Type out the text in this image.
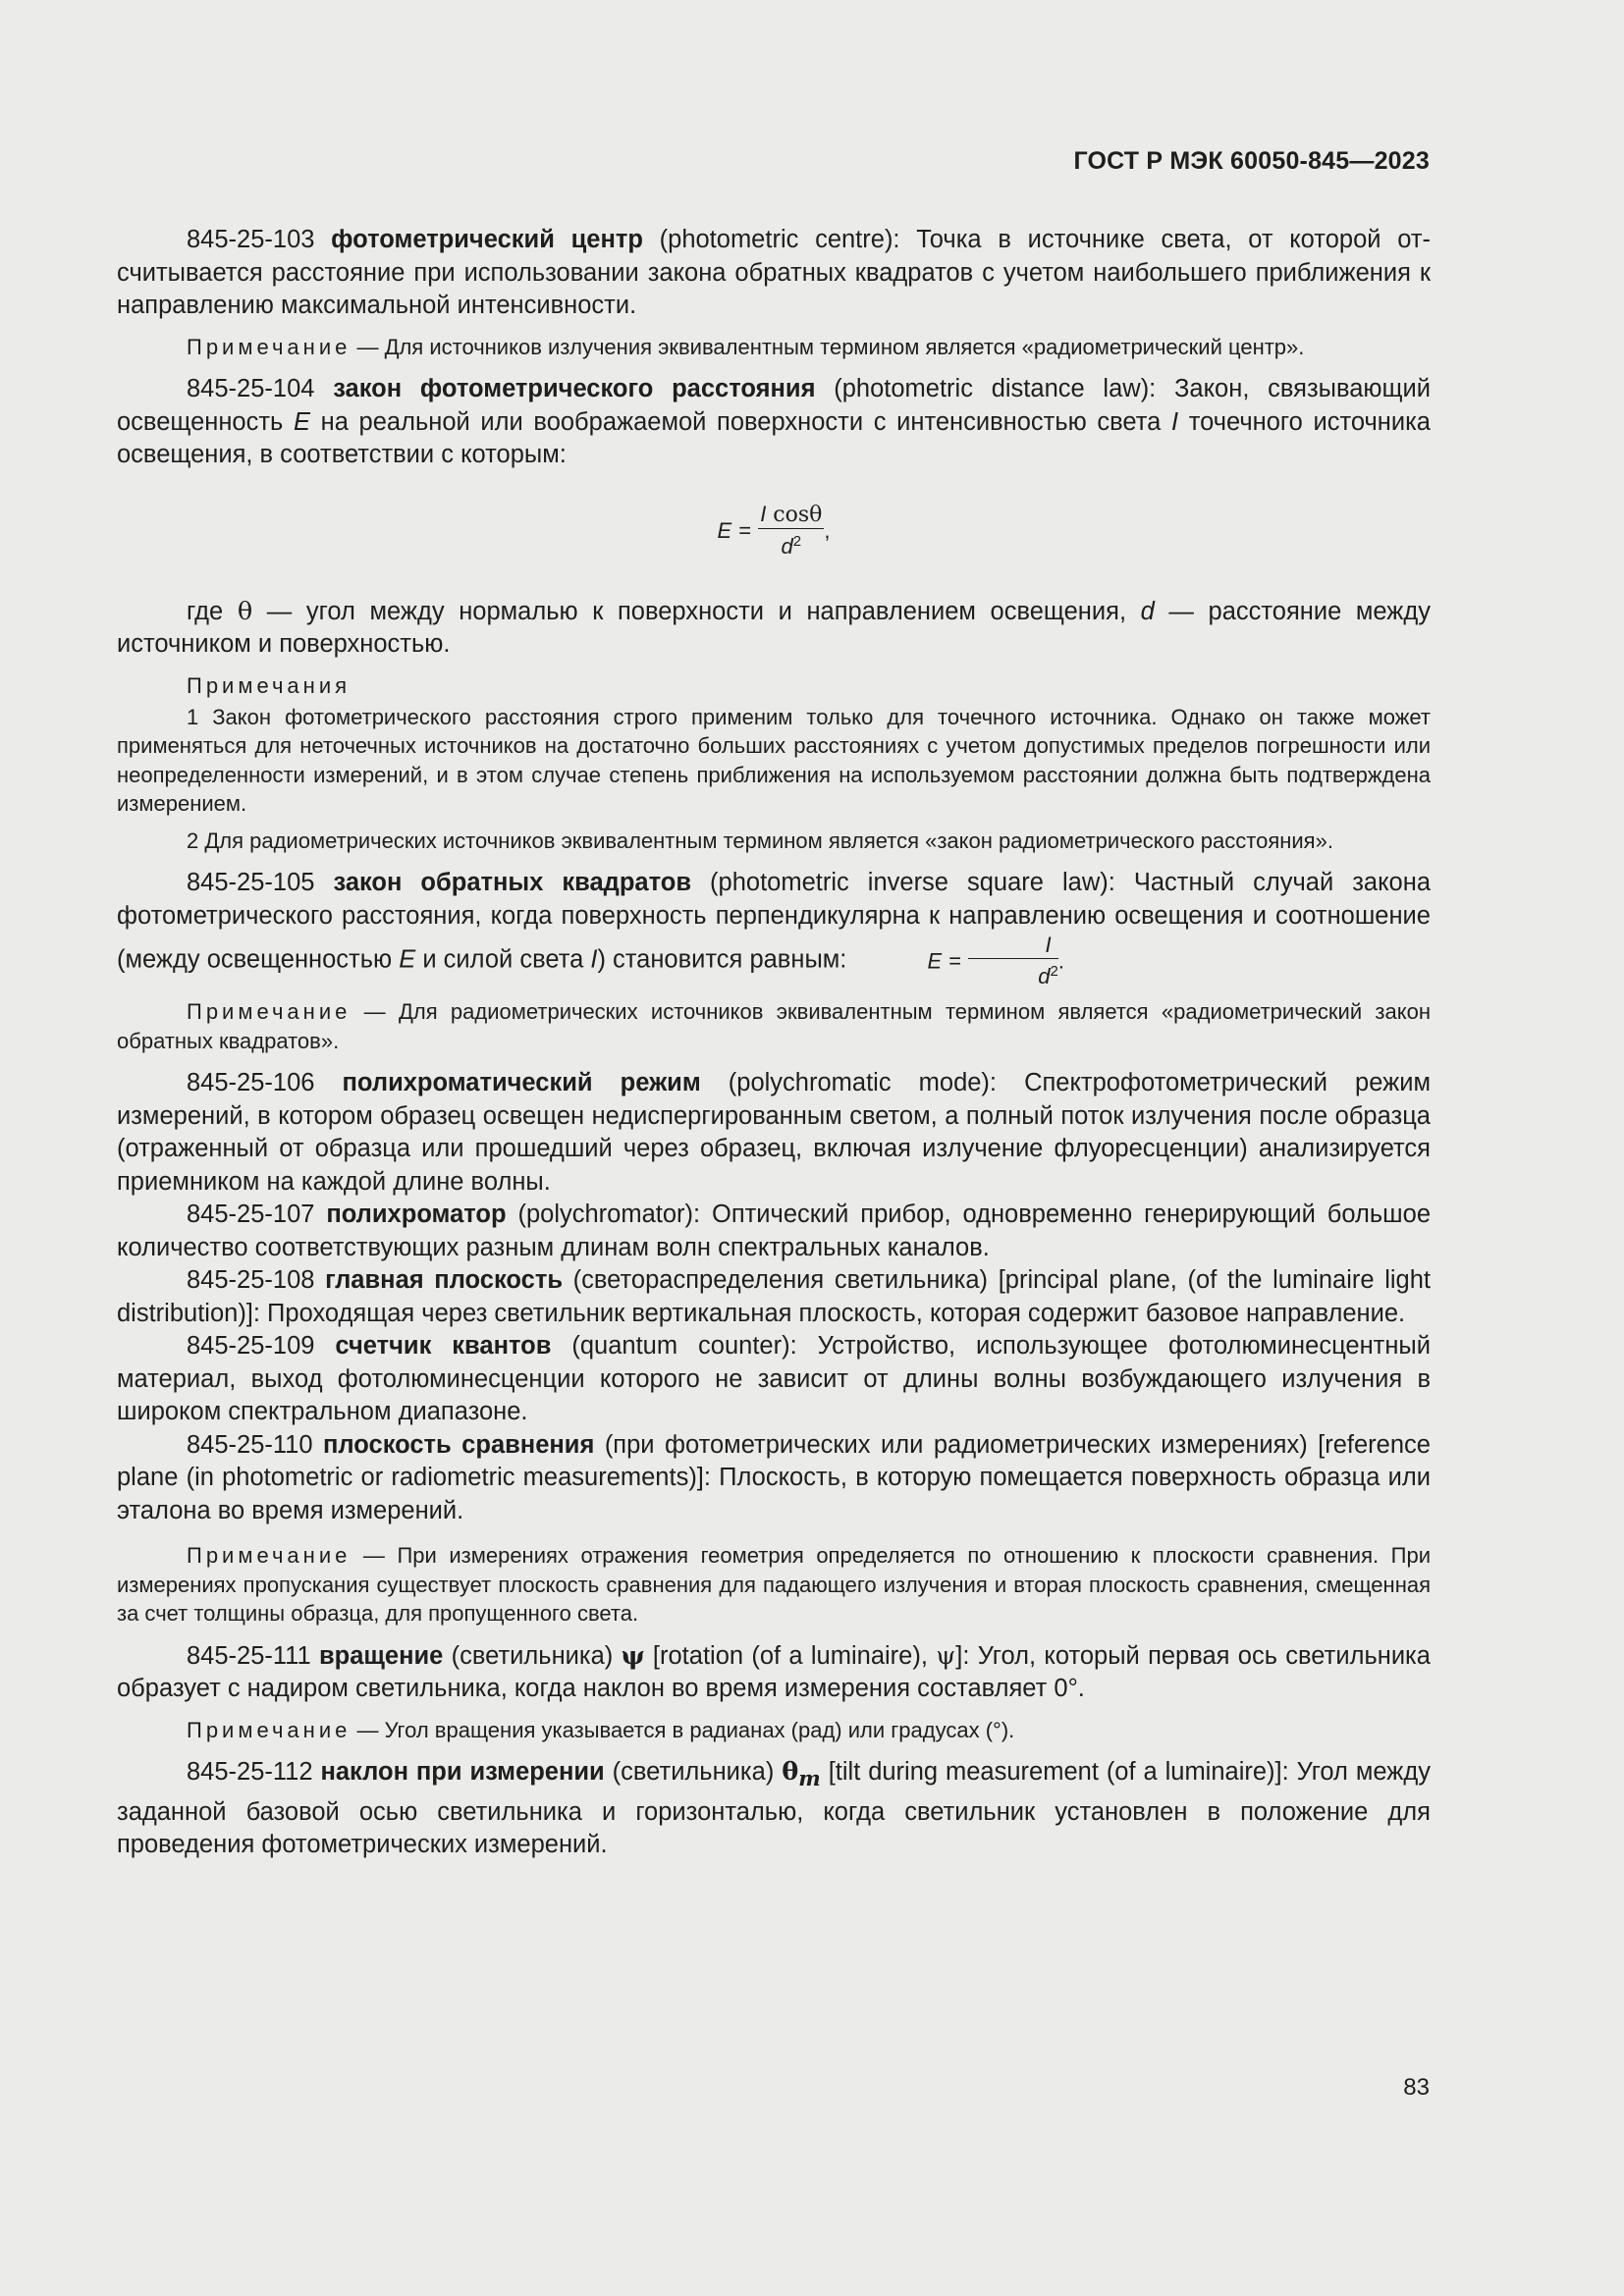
ГОСТ Р МЭК 60050-845—2023

845-25-103 фотометрический центр (photometric centre): Точка в источнике света, от которой отсчитывается расстояние при использовании закона обратных квадратов с учетом наибольшего приближения к направлению максимальной интенсивности.

Примечание — Для источников излучения эквивалентным термином является «радиометрический центр».

845-25-104 закон фотометрического расстояния (photometric distance law): Закон, связывающий освещенность E на реальной или воображаемой поверхности с интенсивностью света I точечного источника освещения, в соответствии с которым:

$E = \frac{\text{I cosθ}}{d^2}$ ,

где θ — угол между нормалью к поверхности и направлением освещения, d — расстояние между источником и поверхностью.

Примечания

1 Закон фотометрического расстояния строго применим только для точечного источника. Однако он также может применяться для неточечных источников на достаточно больших расстояниях с учетом допустимых пределов погрешности или неопределенности измерений, и в этом случае степень приближения на используемом расстоянии должна быть подтверждена измерением.

2 Для радиометрических источников эквивалентным термином является «закон радиометрического расстояния».

845-25-105 закон обратных квадратов (photometric inverse square law): Частный случай закона фотометрического расстояния, когда поверхность перпендикулярна к направлению освещения и соотношение (между освещенностью E и силой света I) становится равным:	$E = \frac{I}{d^2}$ .

Примечание — Для радиометрических источников эквивалентным термином является «радиометрический закон обратных квадратов».

845-25-106 полихроматический режим (polychromatic mode): Спектрофотометрический режим измерений, в котором образец освещен недиспергированным светом, а полный поток излучения после образца (отраженный от образца или прошедший через образец, включая излучение флуоресценции) анализируется приемником на каждой длине волны.

845-25-107 полихроматор (polychromator): Оптический прибор, одновременно генерирующий большое количество соответствующих разным длинам волн спектральных каналов.

845-25-108 главная плоскость (светораспределения светильника) [principal plane, (of the luminaire light distribution)]: Проходящая через светильник вертикальная плоскость, которая содержит базовое направление.

845-25-109 счетчик квантов (quantum counter): Устройство, использующее фотолюминесцентный материал, выход фотолюминесценции которого не зависит от длины волны возбуждающего излучения в широком спектральном диапазоне.

845-25-110 плоскость сравнения (при фотометрических или радиометрических измерениях) [reference plane (in photometric or radiometric measurements)]: Плоскость, в которую помещается поверхность образца или эталона во время измерений.

Примечание — При измерениях отражения геометрия определяется по отношению к плоскости сравнения. При измерениях пропускания существует плоскость сравнения для падающего излучения и вторая плоскость сравнения, смещенная за счет толщины образца, для пропущенного света.

845-25-111 вращение (светильника) ψ [rotation (of a luminaire), ψ]: Угол, который первая ось светильника образует с надиром светильника, когда наклон во время измерения составляет 0°.

Примечание — Угол вращения указывается в радианах (рад) или градусах (°).

845-25-112 наклон при измерении (светильника) $\theta_m$ [tilt during measurement (of a luminaire)]: Угол между заданной базовой осью светильника и горизонталью, когда светильник установлен в положение для проведения фотометрических измерений.

83
